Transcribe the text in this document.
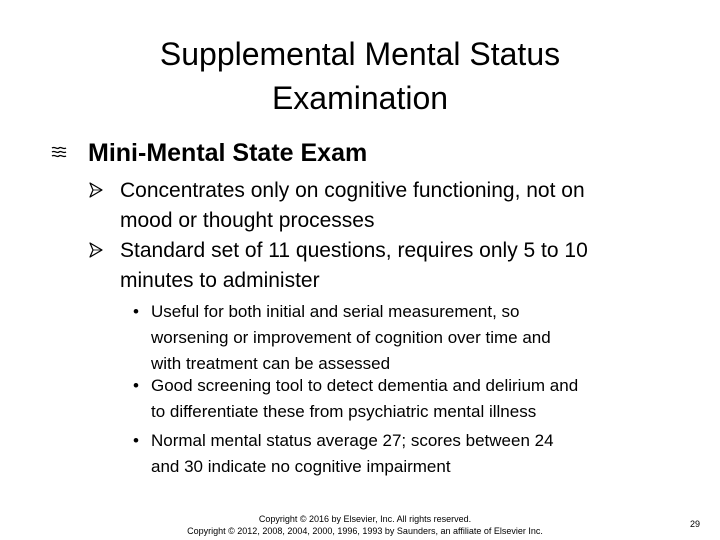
Supplemental Mental Status
Examination
Mini-Mental State Exam
Concentrates only on cognitive functioning, not on
mood or thought processes
Standard set of 11 questions, requires only 5 to 10
minutes to administer
• Useful for both initial and serial measurement, so
worsening or improvement of cognition over time and
with treatment can be assessed
• Good screening tool to detect dementia and delirium and
to differentiate these from psychiatric mental illness
• Normal mental status average 27; scores between 24
and 30 indicate no cognitive impairment
Copyright © 2016 by Elsevier, Inc. All rights reserved.
Copyright © 2012, 2008, 2004, 2000, 1996, 1993 by Saunders, an affiliate of Elsevier Inc.
29
